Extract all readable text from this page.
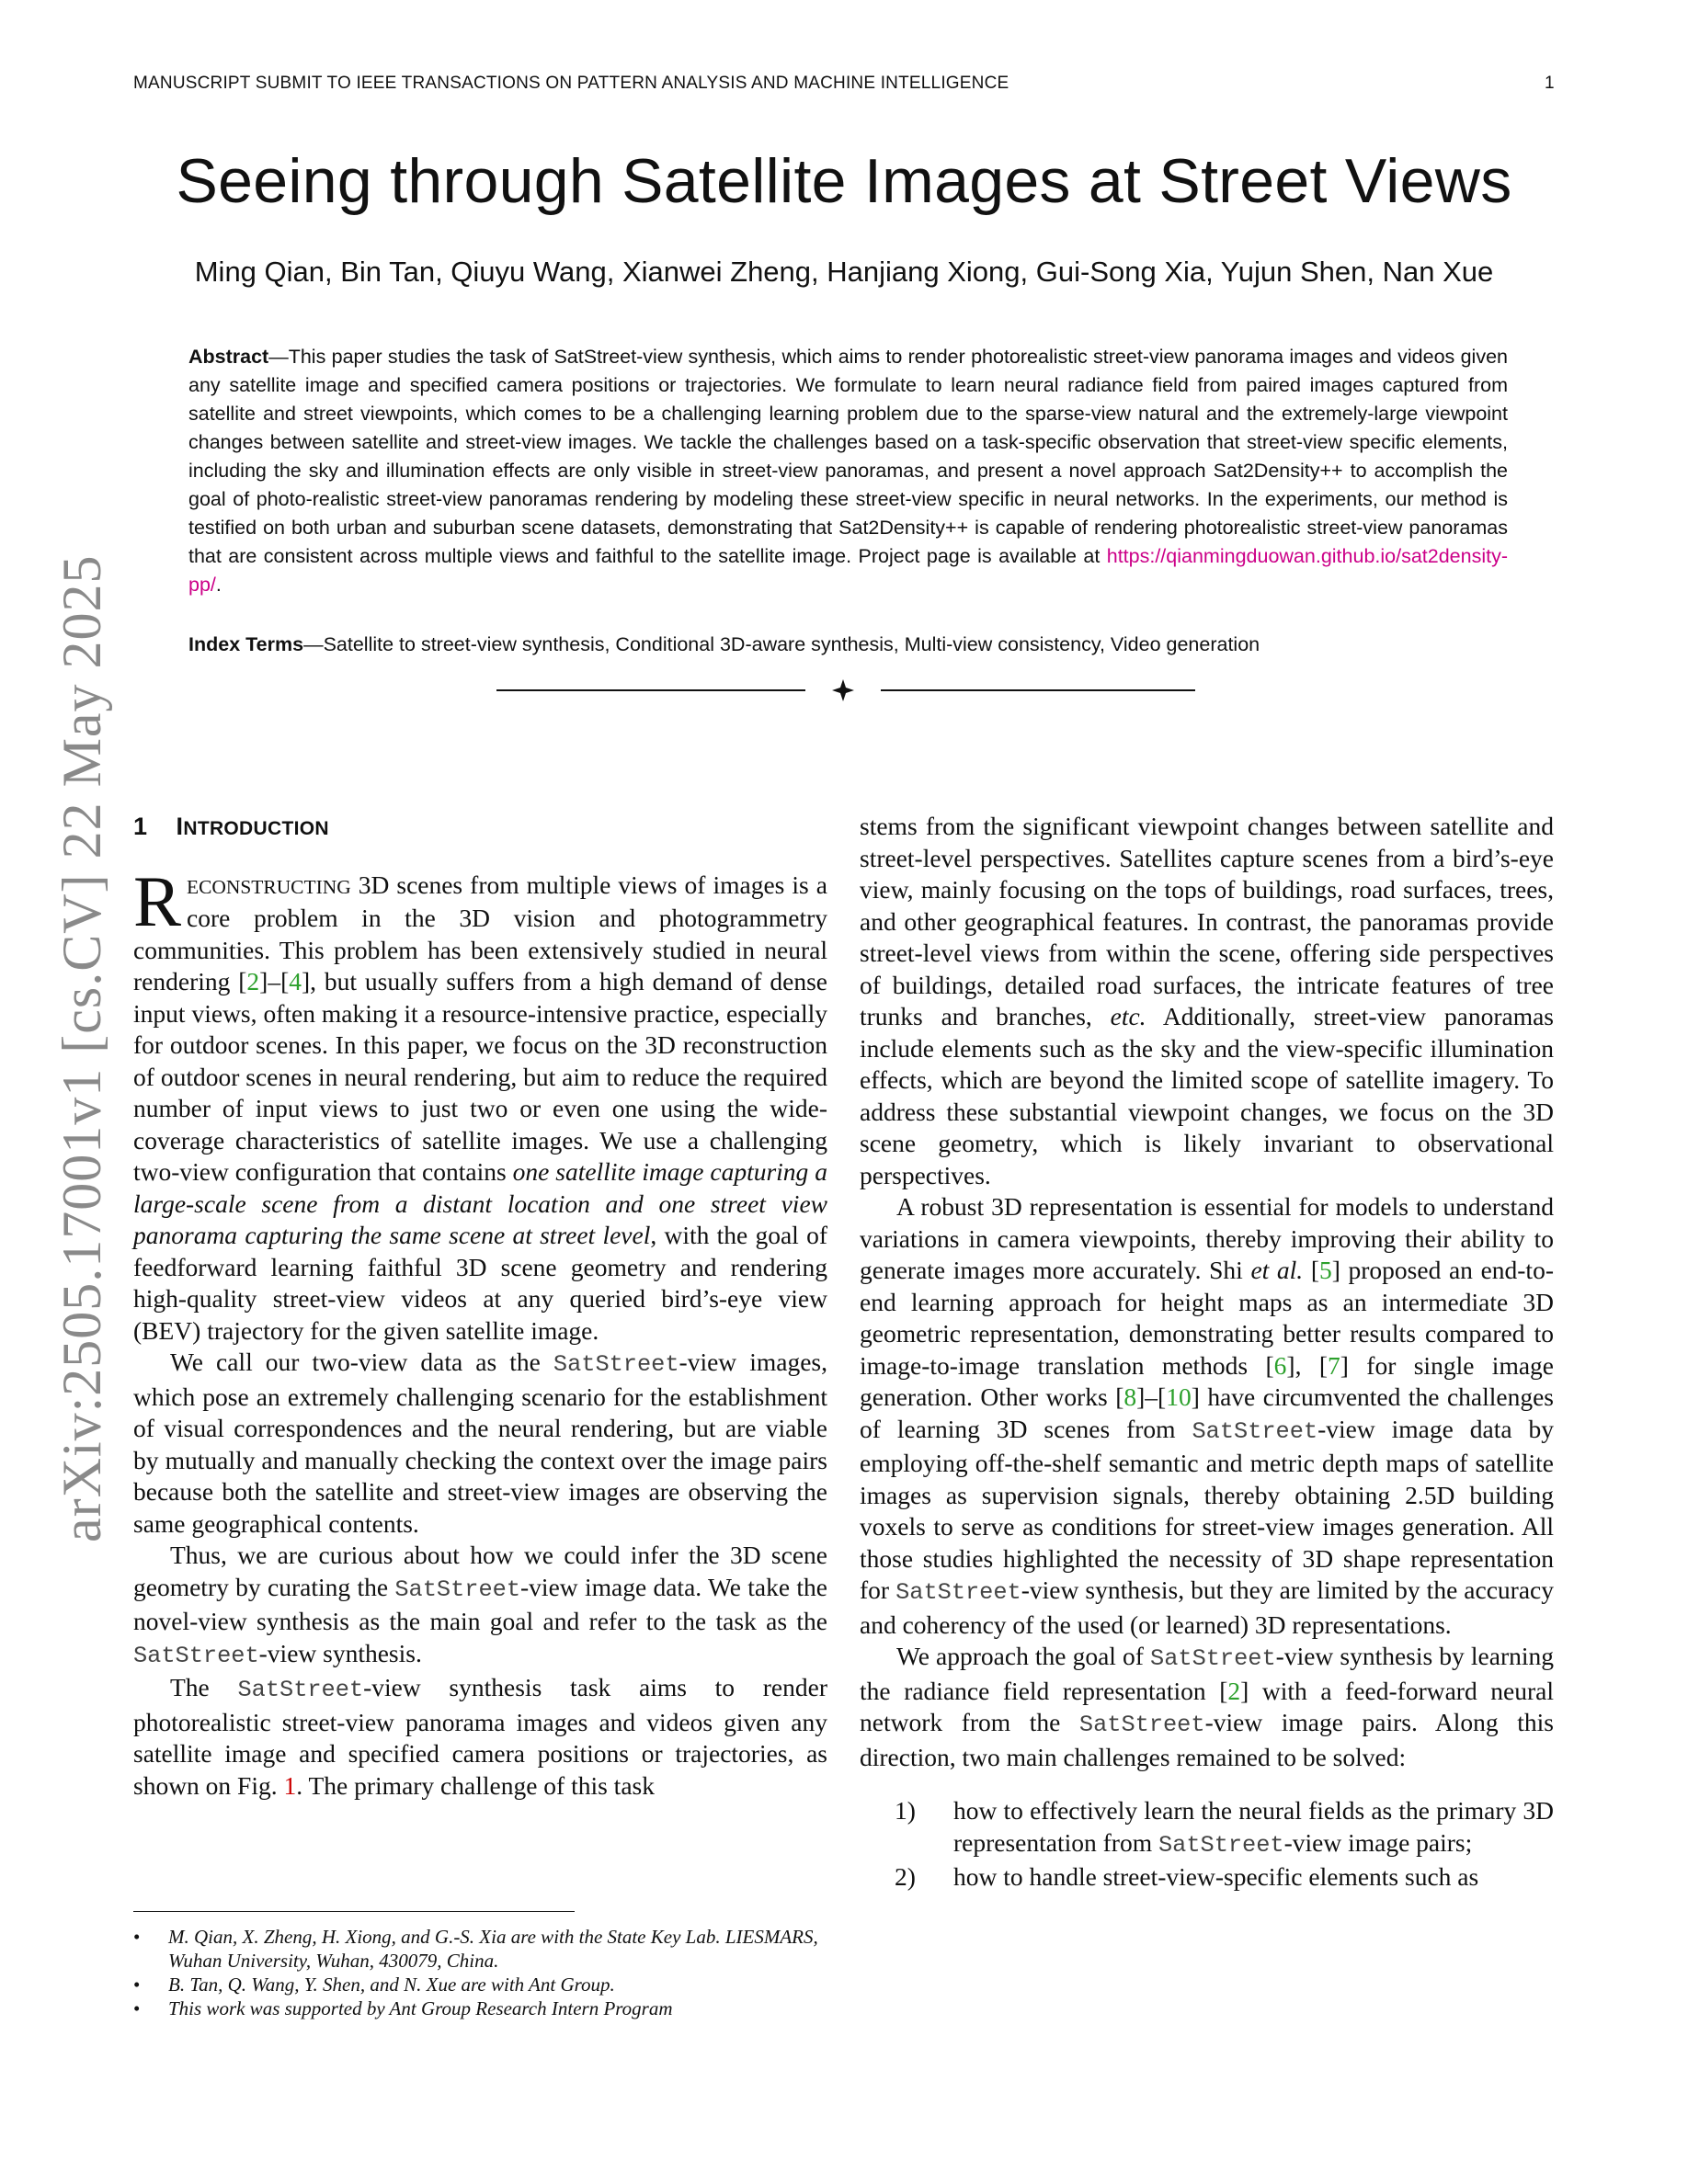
MANUSCRIPT SUBMIT TO IEEE TRANSACTIONS ON PATTERN ANALYSIS AND MACHINE INTELLIGENCE	1
Seeing through Satellite Images at Street Views
Ming Qian, Bin Tan, Qiuyu Wang, Xianwei Zheng, Hanjiang Xiong, Gui-Song Xia, Yujun Shen, Nan Xue
Abstract—This paper studies the task of SatStreet-view synthesis, which aims to render photorealistic street-view panorama images and videos given any satellite image and specified camera positions or trajectories. We formulate to learn neural radiance field from paired images captured from satellite and street viewpoints, which comes to be a challenging learning problem due to the sparse-view natural and the extremely-large viewpoint changes between satellite and street-view images. We tackle the challenges based on a task-specific observation that street-view specific elements, including the sky and illumination effects are only visible in street-view panoramas, and present a novel approach Sat2Density++ to accomplish the goal of photo-realistic street-view panoramas rendering by modeling these street-view specific in neural networks. In the experiments, our method is testified on both urban and suburban scene datasets, demonstrating that Sat2Density++ is capable of rendering photorealistic street-view panoramas that are consistent across multiple views and faithful to the satellite image. Project page is available at https://qianmingduowan.github.io/sat2density-pp/.
Index Terms—Satellite to street-view synthesis, Conditional 3D-aware synthesis, Multi-view consistency, Video generation
arXiv:2505.17001v1 [cs.CV] 22 May 2025 1 INTRODUCTION

RECONSTRUCTING 3D scenes from multiple views of images is a core problem in the 3D vision and photogrammetry communities. This problem has been extensively studied in neural rendering [2]–[4], but usually suffers from a high demand of dense input views, often making it a resource-intensive practice, especially for outdoor scenes. In this paper, we focus on the 3D reconstruction of outdoor scenes in neural rendering, but aim to reduce the required number of input views to just two or even one using the wide-coverage characteristics of satellite images. We use a challenging two-view configuration that contains one satellite image capturing a large-scale scene from a distant location and one street view panorama capturing the same scene at street level, with the goal of feedforward learning faithful 3D scene geometry and rendering high-quality street-view videos at any queried bird’s-eye view (BEV) trajectory for the given satellite image.

We call our two-view data as the SatStreet-view images, which pose an extremely challenging scenario for the establishment of visual correspondences and the neural rendering, but are viable by mutually and manually checking the context over the image pairs because both the satellite and street-view images are observing the same geographical contents.

Thus, we are curious about how we could infer the 3D scene geometry by curating the SatStreet-view image data. We take the novel-view synthesis as the main goal and refer to the task as the SatStreet-view synthesis.

The SatStreet-view synthesis task aims to render photorealistic street-view panorama images and videos given any satellite image and specified camera positions or trajectories, as shown on Fig. 1. The primary challenge of this task

• M. Qian, X. Zheng, H. Xiong, and G.-S. Xia are with the State Key Lab. LIESMARS, Wuhan University, Wuhan, 430079, China.
• B. Tan, Q. Wang, Y. Shen, and N. Xue are with Ant Group.
• This work was supported by Ant Group Research Intern Program

stems from the significant viewpoint changes between satellite and street-level perspectives. Satellites capture scenes from a bird’s-eye view, mainly focusing on the tops of buildings, road surfaces, trees, and other geographical features. In contrast, the panoramas provide street-level views from within the scene, offering side perspectives of buildings, detailed road surfaces, the intricate features of tree trunks and branches, etc. Additionally, street-view panoramas include elements such as the sky and the view-specific illumination effects, which are beyond the limited scope of satellite imagery. To address these substantial viewpoint changes, we focus on the 3D scene geometry, which is likely invariant to observational perspectives.

A robust 3D representation is essential for models to understand variations in camera viewpoints, thereby improving their ability to generate images more accurately. Shi et al. [5] proposed an end-to-end learning approach for height maps as an intermediate 3D geometric representation, demonstrating better results compared to image-to-image translation methods [6], [7] for single image generation. Other works [8]–[10] have circumvented the challenges of learning 3D scenes from SatStreet-view image data by employing off-the-shelf semantic and metric depth maps of satellite images as supervision signals, thereby obtaining 2.5D building voxels to serve as conditions for street-view images generation. All those studies highlighted the necessity of 3D shape representation for SatStreet-view synthesis, but they are limited by the accuracy and coherency of the used (or learned) 3D representations.

We approach the goal of SatStreet-view synthesis by learning the radiance field representation [2] with a feed-forward neural network from the SatStreet-view image pairs. Along this direction, two main challenges remained to be solved:

1) how to effectively learn the neural fields as the primary 3D representation from SatStreet-view image pairs;
2) how to handle street-view-specific elements such as
